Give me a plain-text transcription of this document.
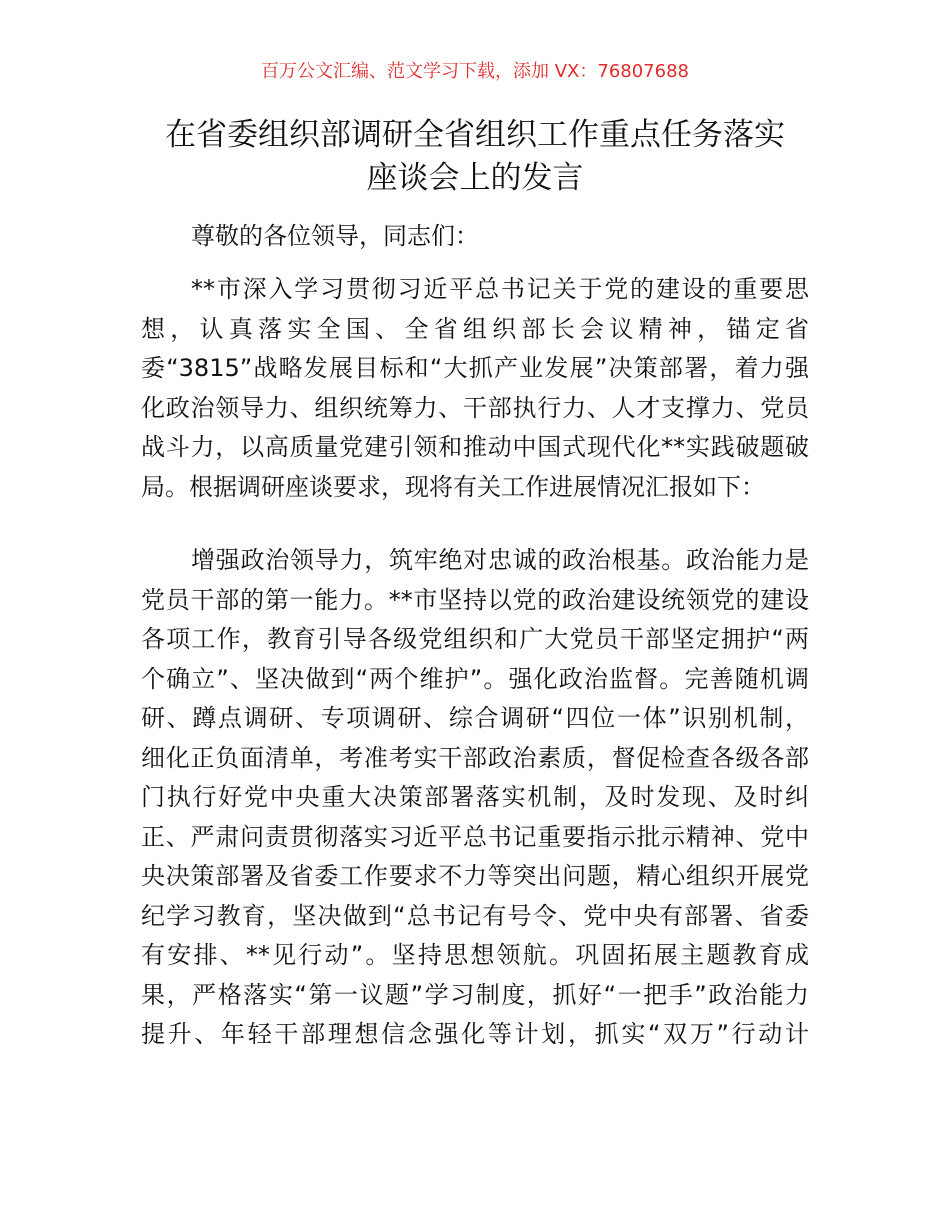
百万公文汇编、范文学习下载，添加 VX：76807688
在省委组织部调研全省组织工作重点任务落实
座谈会上的发言
尊敬的各位领导，同志们：
**市深入学习贯彻习近平总书记关于党的建设的重要思
想，认真落实全国、全省组织部长会议精神，锚定省
委“3815”战略发展目标和“大抓产业发展”决策部署，着力强
化政治领导力、组织统筹力、干部执行力、人才支撑力、党员
战斗力，以高质量党建引领和推动中国式现代化**实践破题破
局。根据调研座谈要求，现将有关工作进展情况汇报如下：
增强政治领导力，筑牢绝对忠诚的政治根基。政治能力是
党员干部的第一能力。**市坚持以党的政治建设统领党的建设
各项工作，教育引导各级党组织和广大党员干部坚定拥护“两
个确立”、坚决做到“两个维护”。强化政治监督。完善随机调
研、蹲点调研、专项调研、综合调研“四位一体”识别机制，
细化正负面清单，考准考实干部政治素质，督促检查各级各部
门执行好党中央重大决策部署落实机制，及时发现、及时纠
正、严肃问责贯彻落实习近平总书记重要指示批示精神、党中
央决策部署及省委工作要求不力等突出问题，精心组织开展党
纪学习教育，坚决做到“总书记有号令、党中央有部署、省委
有安排、**见行动”。坚持思想领航。巩固拓展主题教育成
果，严格落实“第一议题”学习制度，抓好“一把手”政治能力
提升、年轻干部理想信念强化等计划，抓实“双万”行动计
